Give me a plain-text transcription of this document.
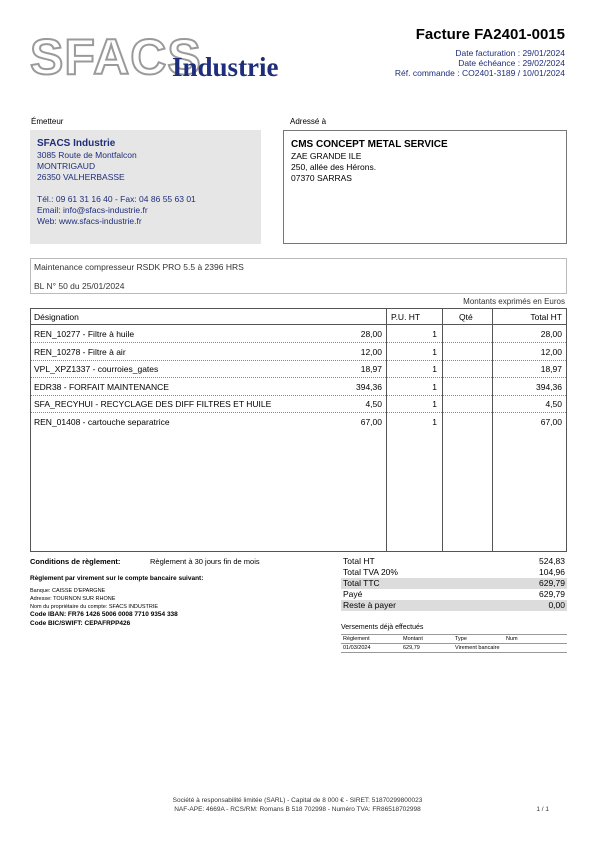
SFACS
Industrie
Facture FA2401-0015
Date facturation : 29/01/2024
Date échéance : 29/02/2024
Réf. commande : CO2401-3189 / 10/01/2024
Émetteur	Adressé à
SFACS Industrie
3085 Route de Montfalcon
MONTRIGAUD
26350 VALHERBASSE
Tél.: 09 61 31 16 40 - Fax: 04 86 55 63 01
Email: info@sfacs-industrie.fr
Web: www.sfacs-industrie.fr
CMS CONCEPT METAL SERVICE
ZAE GRANDE ILE
250, allée des Hérons.
07370 SARRAS
Maintenance compresseur RSDK PRO 5.5 à 2396 HRS
BL N° 50 du 25/01/2024
Montants exprimés en Euros
Désignation	P.U. HT	Qté	Total HT
REN_10277 - Filtre à huile	28,00	1	28,00
REN_10278 - Filtre à air	12,00	1	12,00
VPL_XPZ1337 - courroies_gates	18,97	1	18,97
EDR38 - FORFAIT MAINTENANCE	394,36	1	394,36
SFA_RECYHUI - RECYCLAGE DES DIFF FILTRES ET HUILE	4,50	1	4,50
REN_01408 - cartouche separatrice	67,00	1	67,00
Conditions de règlement:	Règlement à 30 jours fin de mois
Règlement par virement sur le compte bancaire suivant:
Banque: CAISSE D'EPARGNE
Adresse: TOURNON SUR RHONE
Nom du propriétaire du compte: SFACS INDUSTRIE
Code IBAN: FR76 1426 5006 0008 7710 9354 338
Code BIC/SWIFT: CEPAFRPP426
Total HT	524,83
Total TVA 20%	104,96
Total TTC	629,79
Payé	629,79
Reste à payer	0,00
Versements déjà effectués
Règlement	Montant	Type	Num
01/03/2024	629,79	Virement bancaire
Société à responsabilité limitée (SARL) - Capital de 8 000 € - SIRET: 51870299800023
NAF-APE: 4669A - RCS/RM: Romans B 518 702998 - Numéro TVA: FR86518702998	1 / 1
